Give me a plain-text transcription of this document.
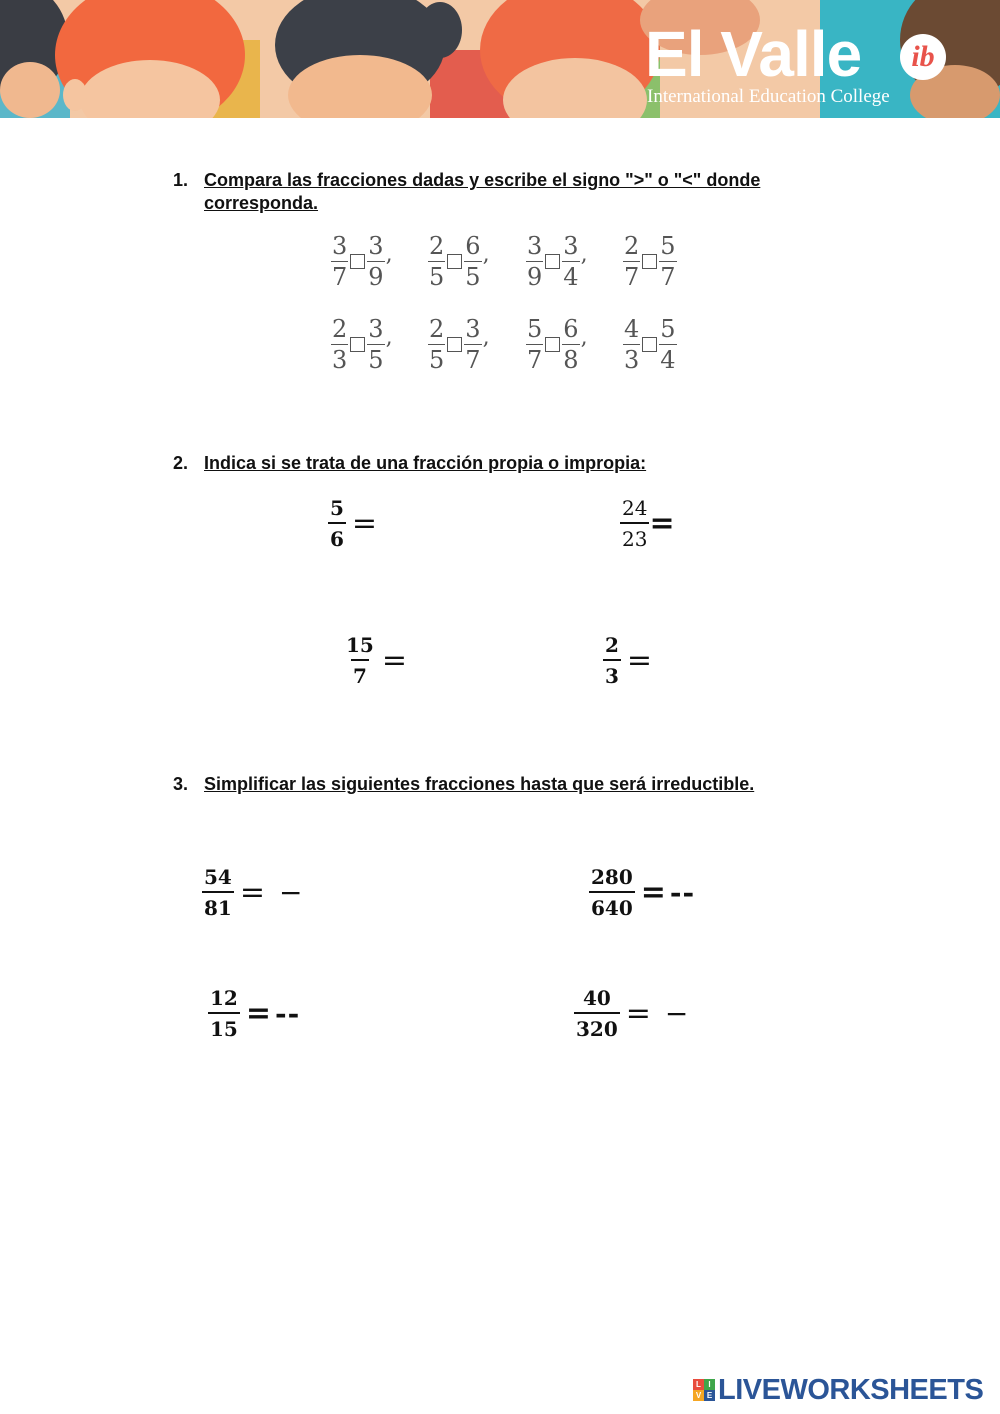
El Valle	ib
International Education College
1. Compara las fracciones dadas y escribe el signo ">" o "<" donde corresponda.
$\frac{3}{7} \frac{3}{9}$ , $\frac{2}{5} \frac{6}{5}$ , $\frac{3}{9} \frac{3}{4}$ , $\frac{2}{7} \frac{5}{7}$
$\frac{2}{3} \frac{3}{5}$ , $\frac{2}{5} \frac{3}{7}$ , $\frac{5}{7} \frac{6}{8}$ , $\frac{4}{3} \frac{5}{4}$
2. Indica si se trata de una fracción propia o impropia:
$\frac{5}{6}$ =	$\frac{24}{23}$ =
$\frac{15}{7}$ =	$\frac{2}{3}$ =
3. Simplificar las siguientes fracciones hasta que será irreductible.
$\frac{54}{81}$ = −	$\frac{280}{640}$ = --
$\frac{12}{15}$ = --	$\frac{40}{320}$ = −
L I
V E LIVEWORKSHEETS
